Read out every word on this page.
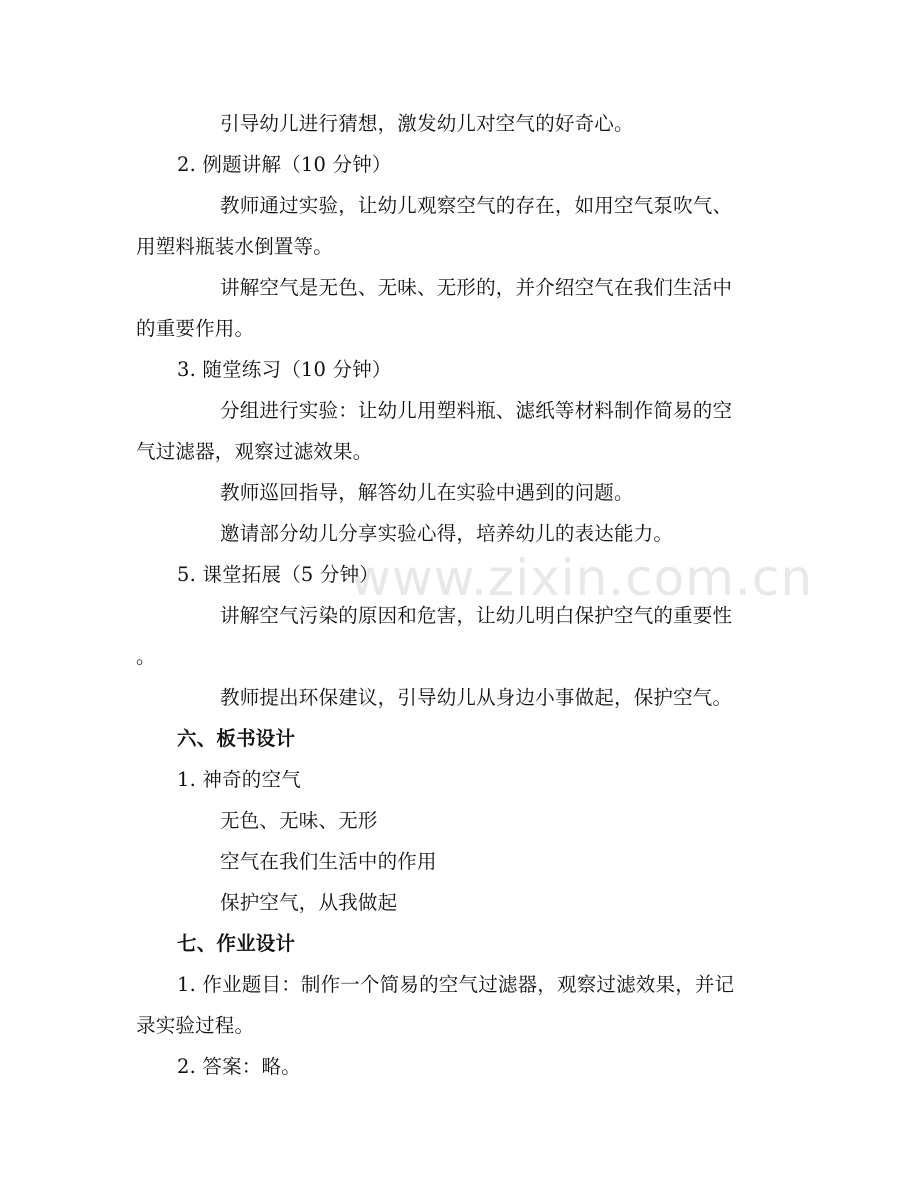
www.zixin.com.cn
引导幼儿进行猜想，激发幼儿对空气的好奇心。
2. 例题讲解（10 分钟）
教师通过实验，让幼儿观察空气的存在，如用空气泵吹气、
用塑料瓶装水倒置等。
讲解空气是无色、无味、无形的，并介绍空气在我们生活中
的重要作用。
3. 随堂练习（10 分钟）
分组进行实验：让幼儿用塑料瓶、滤纸等材料制作简易的空
气过滤器，观察过滤效果。
教师巡回指导，解答幼儿在实验中遇到的问题。
邀请部分幼儿分享实验心得，培养幼儿的表达能力。
5. 课堂拓展（5 分钟）
讲解空气污染的原因和危害，让幼儿明白保护空气的重要性
。
教师提出环保建议，引导幼儿从身边小事做起，保护空气。
六、板书设计
1. 神奇的空气
无色、无味、无形
空气在我们生活中的作用
保护空气，从我做起
七、作业设计
1. 作业题目：制作一个简易的空气过滤器，观察过滤效果，并记
录实验过程。
2. 答案：略。
